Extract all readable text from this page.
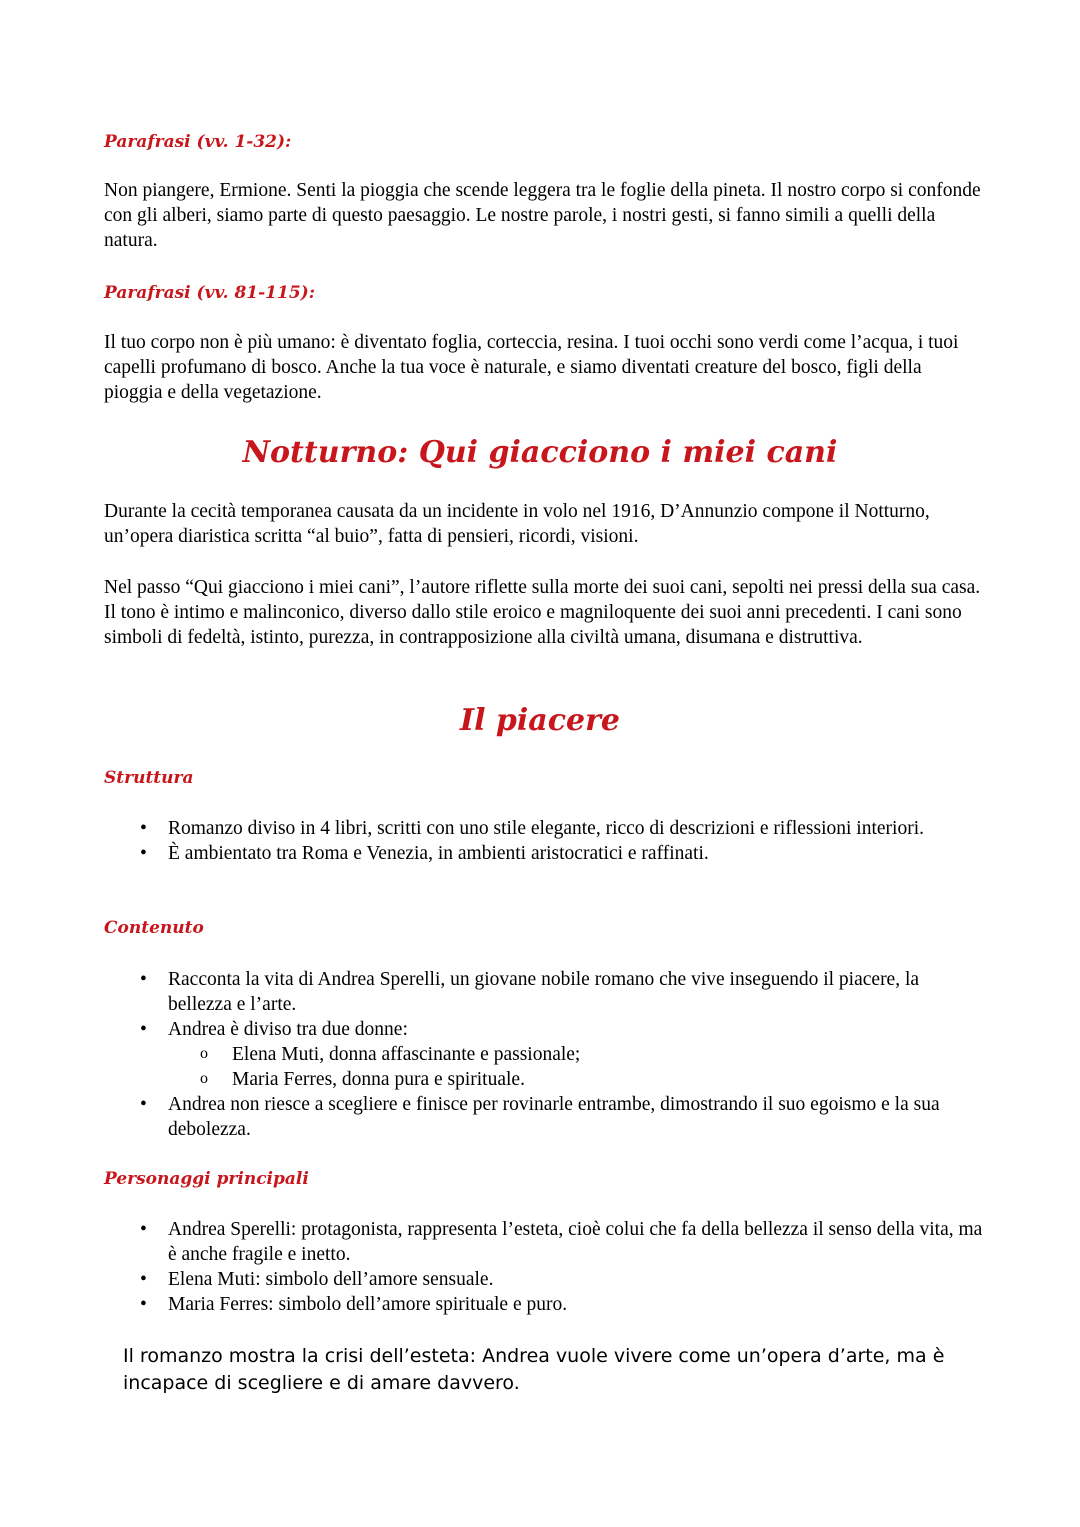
Parafrasi (vv. 1-32):

Non piangere, Ermione. Senti la pioggia che scende leggera tra le foglie della pineta. Il nostro corpo si confonde con gli alberi, siamo parte di questo paesaggio. Le nostre parole, i nostri gesti, si fanno simili a quelli della natura.

Parafrasi (vv. 81-115):

Il tuo corpo non è più umano: è diventato foglia, corteccia, resina. I tuoi occhi sono verdi come l’acqua, i tuoi capelli profumano di bosco. Anche la tua voce è naturale, e siamo diventati creature del bosco, figli della pioggia e della vegetazione.

Notturno: Qui giacciono i miei cani

Durante la cecità temporanea causata da un incidente in volo nel 1916, D’Annunzio compone il Notturno, un’opera diaristica scritta “al buio”, fatta di pensieri, ricordi, visioni.

Nel passo “Qui giacciono i miei cani”, l’autore riflette sulla morte dei suoi cani, sepolti nei pressi della sua casa. Il tono è intimo e malinconico, diverso dallo stile eroico e magniloquente dei suoi anni precedenti. I cani sono simboli di fedeltà, istinto, purezza, in contrapposizione alla civiltà umana, disumana e distruttiva.

Il piacere
Struttura
• Romanzo diviso in 4 libri, scritti con uno stile elegante, ricco di descrizioni e riflessioni interiori.
• È ambientato tra Roma e Venezia, in ambienti aristocratici e raffinati.
Contenuto
• Racconta la vita di Andrea Sperelli, un giovane nobile romano che vive inseguendo il piacere, la bellezza e l’arte.
• Andrea è diviso tra due donne:
o Elena Muti, donna affascinante e passionale;
o Maria Ferres, donna pura e spirituale.
• Andrea non riesce a scegliere e finisce per rovinarle entrambe, dimostrando il suo egoismo e la sua debolezza.
Personaggi principali
• Andrea Sperelli: protagonista, rappresenta l’esteta, cioè colui che fa della bellezza il senso della vita, ma è anche fragile e inetto.
• Elena Muti: simbolo dell’amore sensuale.
• Maria Ferres: simbolo dell’amore spirituale e puro.

Il romanzo mostra la crisi dell’esteta: Andrea vuole vivere come un’opera d’arte, ma è incapace di scegliere e di amare davvero.
